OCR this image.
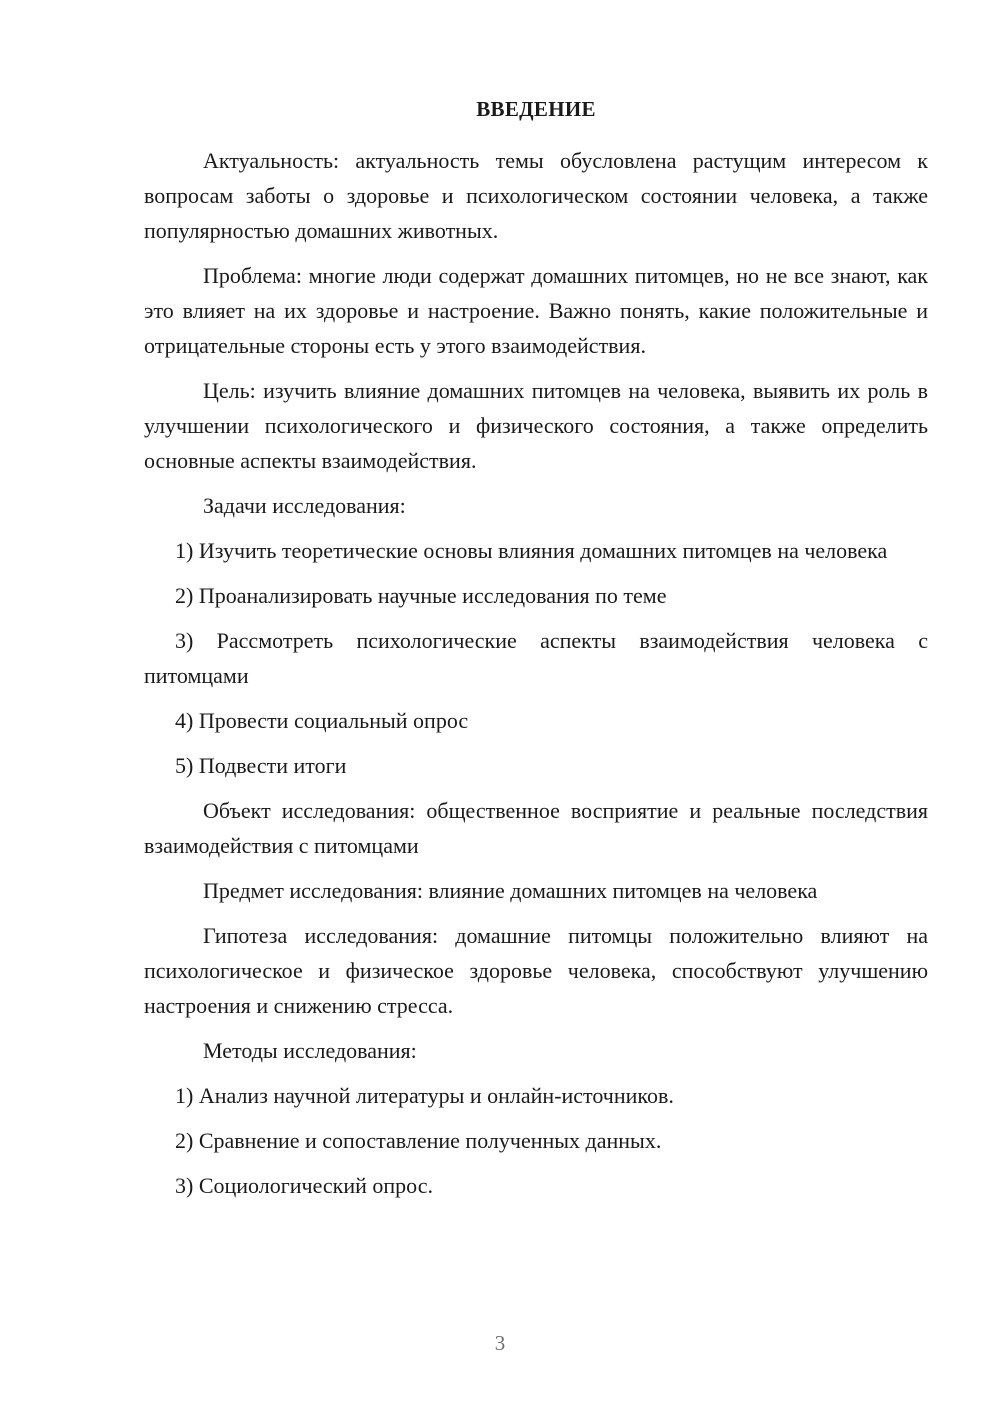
ВВЕДЕНИЕ

Актуальность: актуальность темы обусловлена растущим интересом к вопросам заботы о здоровье и психологическом состоянии человека, а также популярностью домашних животных.

Проблема: многие люди содержат домашних питомцев, но не все знают, как это влияет на их здоровье и настроение. Важно понять, какие положительные и отрицательные стороны есть у этого взаимодействия.

Цель: изучить влияние домашних питомцев на человека, выявить их роль в улучшении психологического и физического состояния, а также определить основные аспекты взаимодействия.

Задачи исследования:

1) Изучить теоретические основы влияния домашних питомцев на человека

2) Проанализировать научные исследования по теме

3) Рассмотреть психологические аспекты взаимодействия человека с питомцами

4) Провести социальный опрос

5) Подвести итоги

Объект исследования: общественное восприятие и реальные последствия взаимодействия с питомцами

Предмет исследования: влияние домашних питомцев на человека

Гипотеза исследования: домашние питомцы положительно влияют на психологическое и физическое здоровье человека, способствуют улучшению настроения и снижению стресса.

Методы исследования:

1) Анализ научной литературы и онлайн-источников.

2) Сравнение и сопоставление полученных данных.

3) Социологический опрос.

3
